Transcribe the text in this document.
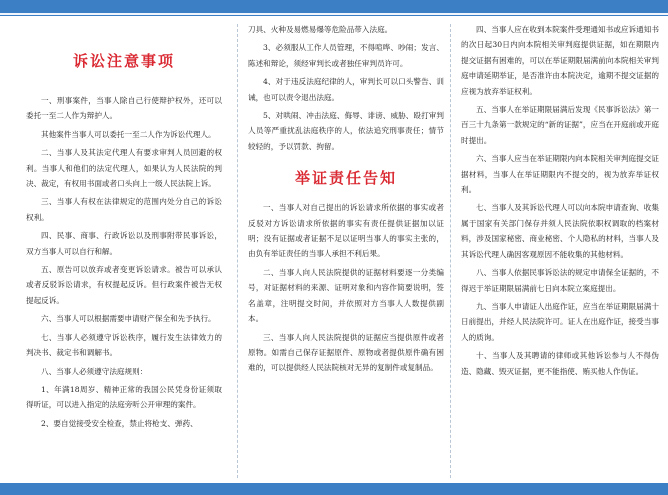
诉讼注意事项

一、刑事案件，当事人除自己行使辩护权外，还可以委托一至二人作为辩护人。

其他案件当事人可以委托一至二人作为诉讼代理人。

二、当事人及其法定代理人有要求审判人员回避的权利。当事人和他们的法定代理人，如果认为人民法院的判决、裁定，有权用书面或者口头向上一级人民法院上诉。

三、当事人有权在法律规定的范围内处分自己的诉讼权利。

四、民事、商事、行政诉讼以及刑事附带民事诉讼，双方当事人可以自行和解。

五、原告可以放弃或者变更诉讼请求。被告可以承认或者反驳诉讼请求，有权提起反诉。但行政案件被告无权提起反诉。

六、当事人可以根据需要申请财产保全和先予执行。

七、当事人必须遵守诉讼秩序，履行发生法律效力的判决书、裁定书和调解书。

八、当事人必须遵守法庭规则：

1、年满18周岁、精神正常的我国公民凭身份证须取得听证，可以进入指定的法庭旁听公开审理的案件。

2、要自觉接受安全检查，禁止将枪支、弹药、

刀具、火种及易燃易爆等危险品带入法庭。

3、必须服从工作人员管理，不得喧哗、吵闹；发言、陈述和辩论，须经审判长或者独任审判员许可。

4、对于违反法庭纪律的人，审判长可以口头警告、训诫，也可以责令退出法庭。

5、对哄闹、冲击法庭、侮辱、诽谤、威胁、殴打审判人员等严重扰乱法庭秩序的人，依法追究刑事责任；情节较轻的，予以罚款、拘留。

举证责任告知

一、当事人对自己提出的诉讼请求所依据的事实或者反驳对方诉讼请求所依据的事实有责任提供证据加以证明；没有证据或者证据不足以证明当事人的事实主张的，由负有举证责任的当事人承担不利后果。

二、当事人向人民法院提供的证据材料要逐一分类编号，对证据材料的来源、证明对象和内容作简要说明，签名盖章，注明提交时间，并依照对方当事人人数提供副本。

三、当事人向人民法院提供的证据应当提供原件或者原物。如需自己保存证据原件、原物或者提供原件确有困难的，可以提供经人民法院核对无异的复制件或复制品。

四、当事人应在收到本院案件受理通知书或应诉通知书的次日起30日内向本院相关审判庭提供证据，如在期限内提交证据有困难的，可以在举证期限届满前向本院相关审判庭申请延期举证，是否准许由本院决定，逾期不提交证据的应视为放弃举证权利。

五、当事人在举证期限届满后发现《民事诉讼法》第一百三十九条第一款规定的“新的证据”，应当在开庭前或开庭时提出。

六、当事人应当在举证期限内向本院相关审判庭提交证据材料，当事人在举证期限内不提交的，视为放弃举证权利。

七、当事人及其诉讼代理人可以向本院申请查询、收集属于国家有关部门保存并须人民法院依职权调取的档案材料，涉及国家秘密、商业秘密、个人隐私的材料，当事人及其诉讼代理人确因客观原因不能收集的其他材料。

八、当事人依据民事诉讼法的规定申请保全证据的，不得迟于举证期限届满前七日向本院立案庭提出。

九、当事人申请证人出庭作证，应当在举证期限届满十日前提出，并经人民法院许可。证人在出庭作证，接受当事人的质询。

十、当事人及其聘请的律师或其他诉讼参与人不得伪造、隐藏、毁灭证据，更不能指使、贿买他人作伪证。
